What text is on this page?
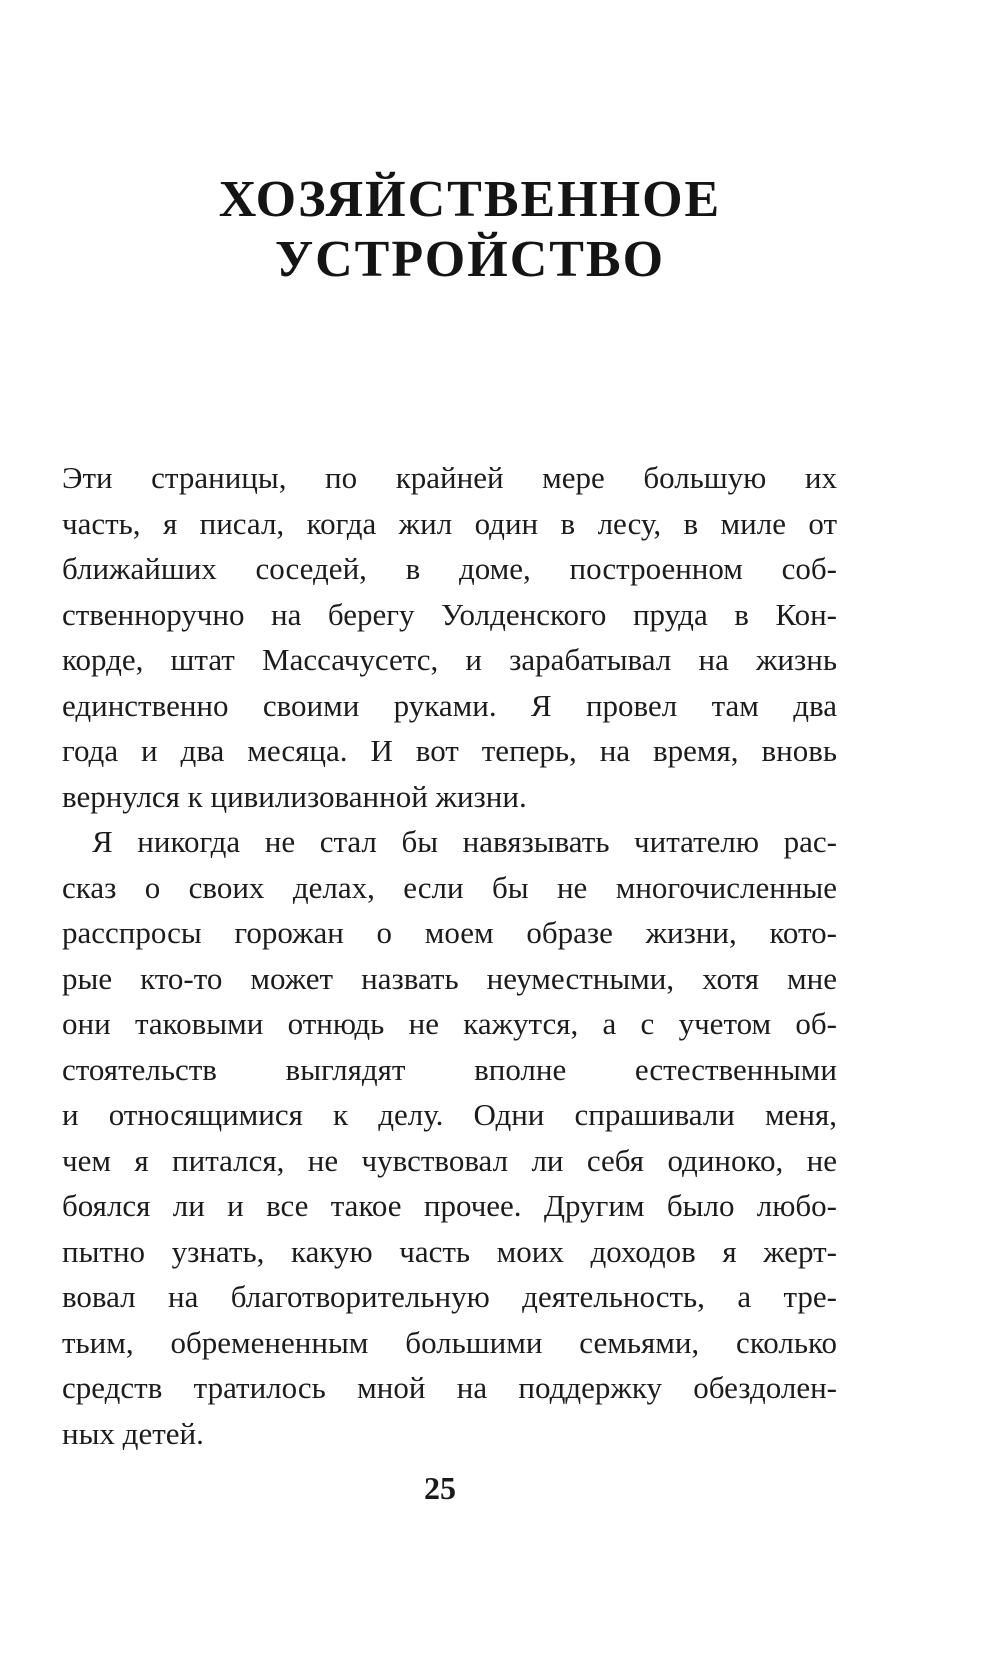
ХОЗЯЙСТВЕННОЕ
УСТРОЙСТВО
Эти страницы, по крайней мере большую их
часть, я писал, когда жил один в лесу, в миле от
ближайших соседей, в доме, построенном соб-
ственноручно на берегу Уолденского пруда в Кон-
корде, штат Массачусетс, и зарабатывал на жизнь
единственно своими руками. Я провел там два
года и два месяца. И вот теперь, на время, вновь
вернулся к цивилизованной жизни.
Я никогда не стал бы навязывать читателю рас-
сказ о своих делах, если бы не многочисленные
расспросы горожан о моем образе жизни, кото-
рые кто-то может назвать неуместными, хотя мне
они таковыми отнюдь не кажутся, а с учетом об-
стоятельств выглядят вполне естественными
и относящимися к делу. Одни спрашивали меня,
чем я питался, не чувствовал ли себя одиноко, не
боялся ли и все такое прочее. Другим было любо-
пытно узнать, какую часть моих доходов я жерт-
вовал на благотворительную деятельность, а тре-
тьим, обремененным большими семьями, сколько
средств тратилось мной на поддержку обездолен-
ных детей.
25
